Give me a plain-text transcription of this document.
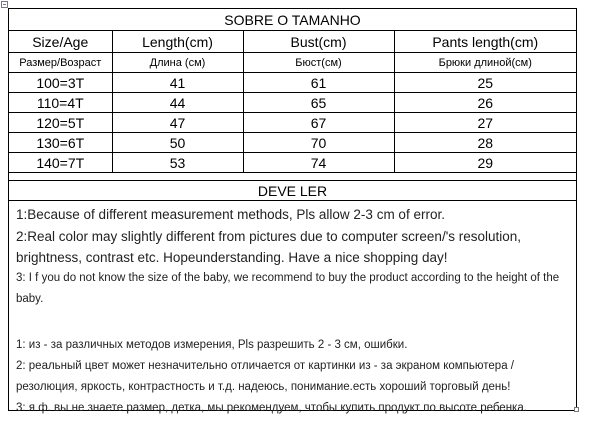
SOBRE O TAMANHO
Size/Age	Length(cm)	Bust(cm)	Pants length(cm)
Размер/Возраст	Длина (см)	Бюст(см)	Брюки длиной(см)
100=3T	41	61	25
110=4T	44	65	26
120=5T	47	67	27
130=6T	50	70	28
140=7T	53	74	29
DEVE LER
1:Because of different measurement methods, Pls allow 2-3 cm of error.
2:Real color may slightly different from pictures due to computer screen/'s resolution, brightness, contrast etc. Hopeunderstanding. Have a nice shopping day!
3: I f you do not know the size of the baby, we recommend to buy the product according to the height of the baby.
1: из - за различных методов измерения, Pls разрешить 2 - 3 см, ошибки.
2: реальный цвет может незначительно отличается от картинки из - за экраном компьютера /
резолюция, яркость, контрастность и т.д. надеюсь, понимание.есть хороший торговый день!
3: я ф. вы не знаете размер, детка, мы рекомендуем, чтобы купить продукт по высоте ребенка.
